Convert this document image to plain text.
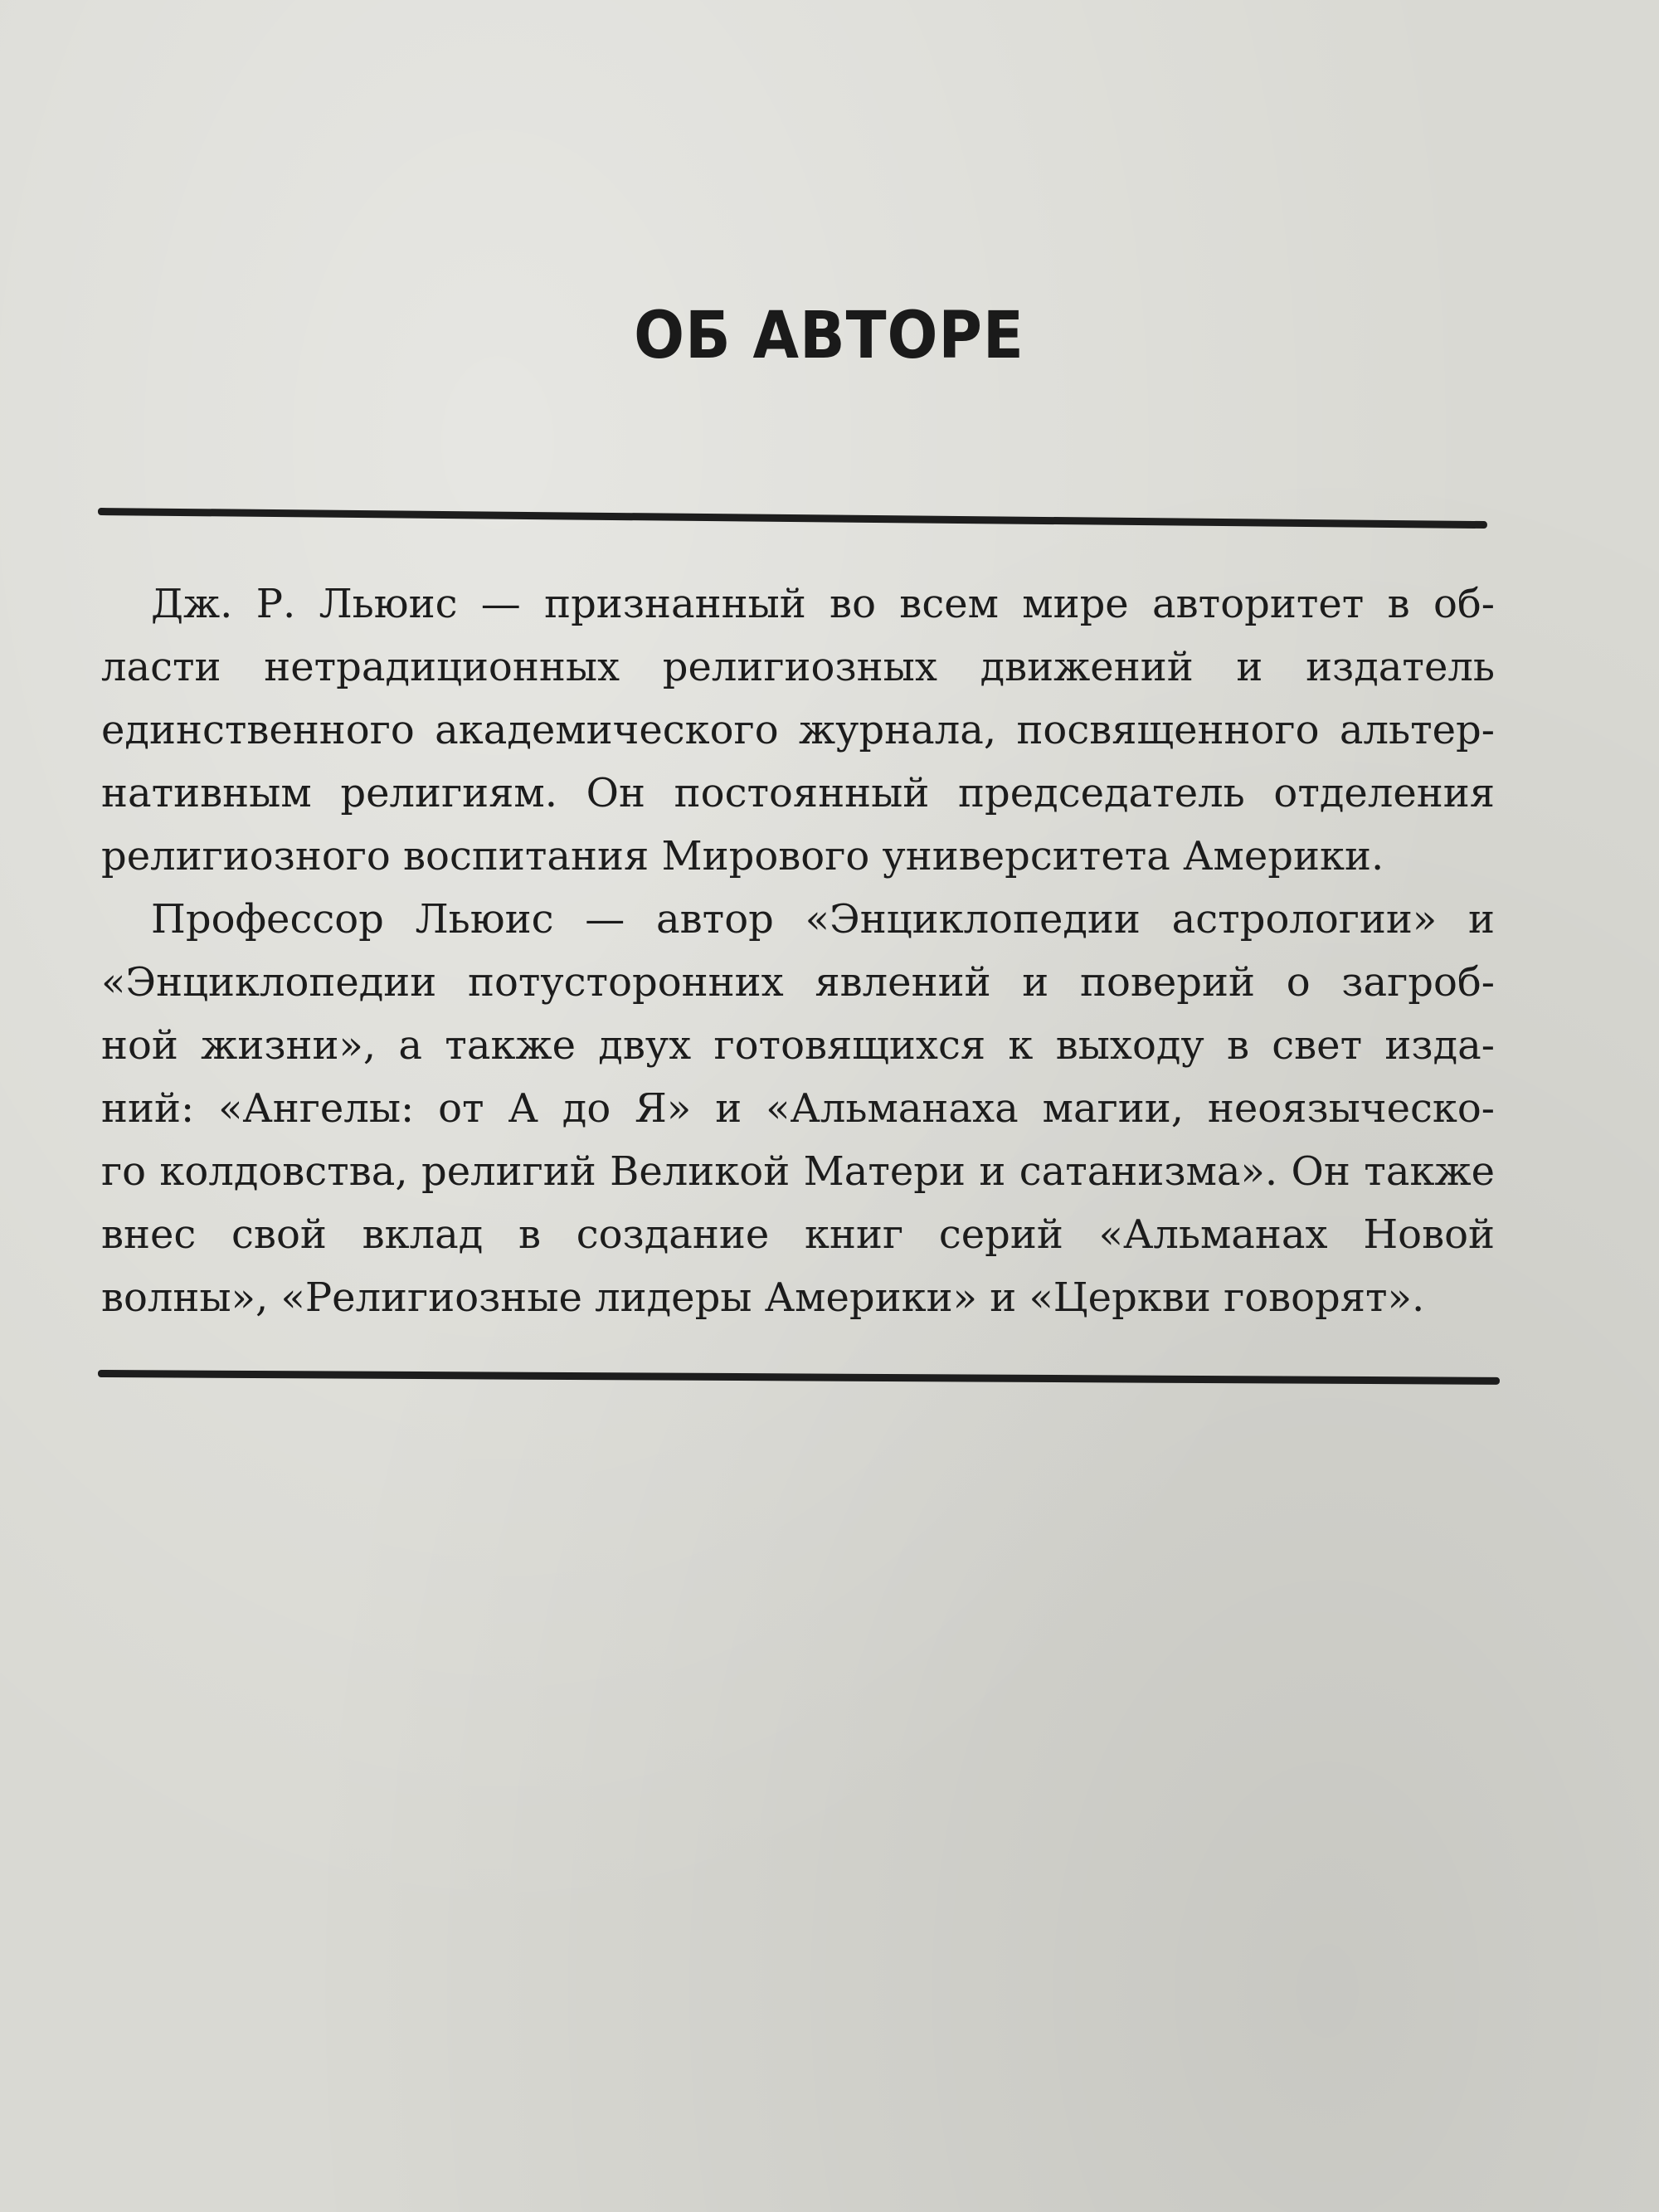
ОБ АВТОРЕ

Дж. Р. Льюис — признанный во всем мире авторитет в об-
ласти нетрадиционных религиозных движений и издатель
единственного академического журнала, посвященного альтер-
нативным религиям. Он постоянный председатель отделения
религиозного воспитания Мирового университета Америки.

Профессор Льюис — автор «Энциклопедии астрологии» и
«Энциклопедии потусторонних явлений и поверий о загроб-
ной жизни», а также двух готовящихся к выходу в свет изда-
ний: «Ангелы: от А до Я» и «Альманаха магии, неоязыческо-
го колдовства, религий Великой Матери и сатанизма». Он также
внес свой вклад в создание книг серий «Альманах Новой
волны», «Религиозные лидеры Америки» и «Церкви говорят».
